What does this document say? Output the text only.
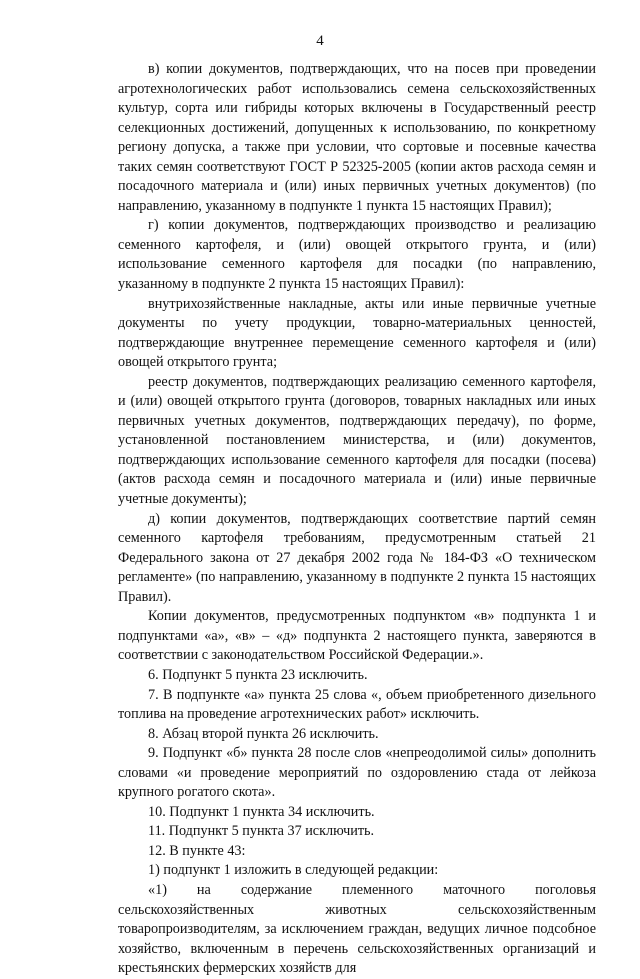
4

в) копии документов, подтверждающих, что на посев при проведении агротехнологических работ использовались семена сельскохозяйственных культур, сорта или гибриды которых включены в Государственный реестр селекционных достижений, допущенных к использованию, по конкретному региону допуска, а также при условии, что сортовые и посевные качества таких семян соответствуют ГОСТ Р 52325-2005 (копии актов расхода семян и посадочного материала и (или) иных первичных учетных документов) (по направлению, указанному в подпункте 1 пункта 15 настоящих Правил);

г) копии документов, подтверждающих производство и реализацию семенного картофеля, и (или) овощей открытого грунта, и (или) использование семенного картофеля для посадки (по направлению, указанному в подпункте 2 пункта 15 настоящих Правил):

внутрихозяйственные накладные, акты или иные первичные учетные документы по учету продукции, товарно-материальных ценностей, подтверждающие внутреннее перемещение семенного картофеля и (или) овощей открытого грунта;

реестр документов, подтверждающих реализацию семенного картофеля, и (или) овощей открытого грунта (договоров, товарных накладных или иных первичных учетных документов, подтверждающих передачу), по форме, установленной постановлением министерства, и (или) документов, подтверждающих использование семенного картофеля для посадки (посева) (актов расхода семян и посадочного материала и (или) иные первичные учетные документы);

д) копии документов, подтверждающих соответствие партий семян семенного картофеля требованиям, предусмотренным статьей 21 Федерального закона от 27 декабря 2002 года № 184-ФЗ «О техническом регламенте» (по направлению, указанному в подпункте 2 пункта 15 настоящих Правил).

Копии документов, предусмотренных подпунктом «в» подпункта 1 и подпунктами «а», «в» – «д» подпункта 2 настоящего пункта, заверяются в соответствии с законодательством Российской Федерации.».

6. Подпункт 5 пункта 23 исключить.

7. В подпункте «а» пункта 25 слова «, объем приобретенного дизельного топлива на проведение агротехнических работ» исключить.

8. Абзац второй пункта 26 исключить.

9. Подпункт «б» пункта 28 после слов «непреодолимой силы» дополнить словами «и проведение мероприятий по оздоровлению стада от лейкоза крупного рогатого скота».

10. Подпункт 1 пункта 34 исключить.

11. Подпункт 5 пункта 37 исключить.

12. В пункте 43:

1) подпункт 1 изложить в следующей редакции:

«1) на содержание племенного маточного поголовья сельскохозяйственных животных сельскохозяйственным товаропроизводителям, за исключением граждан, ведущих личное подсобное хозяйство, включенным в перечень сельскохозяйственных организаций и крестьянских фермерских хозяйств для
